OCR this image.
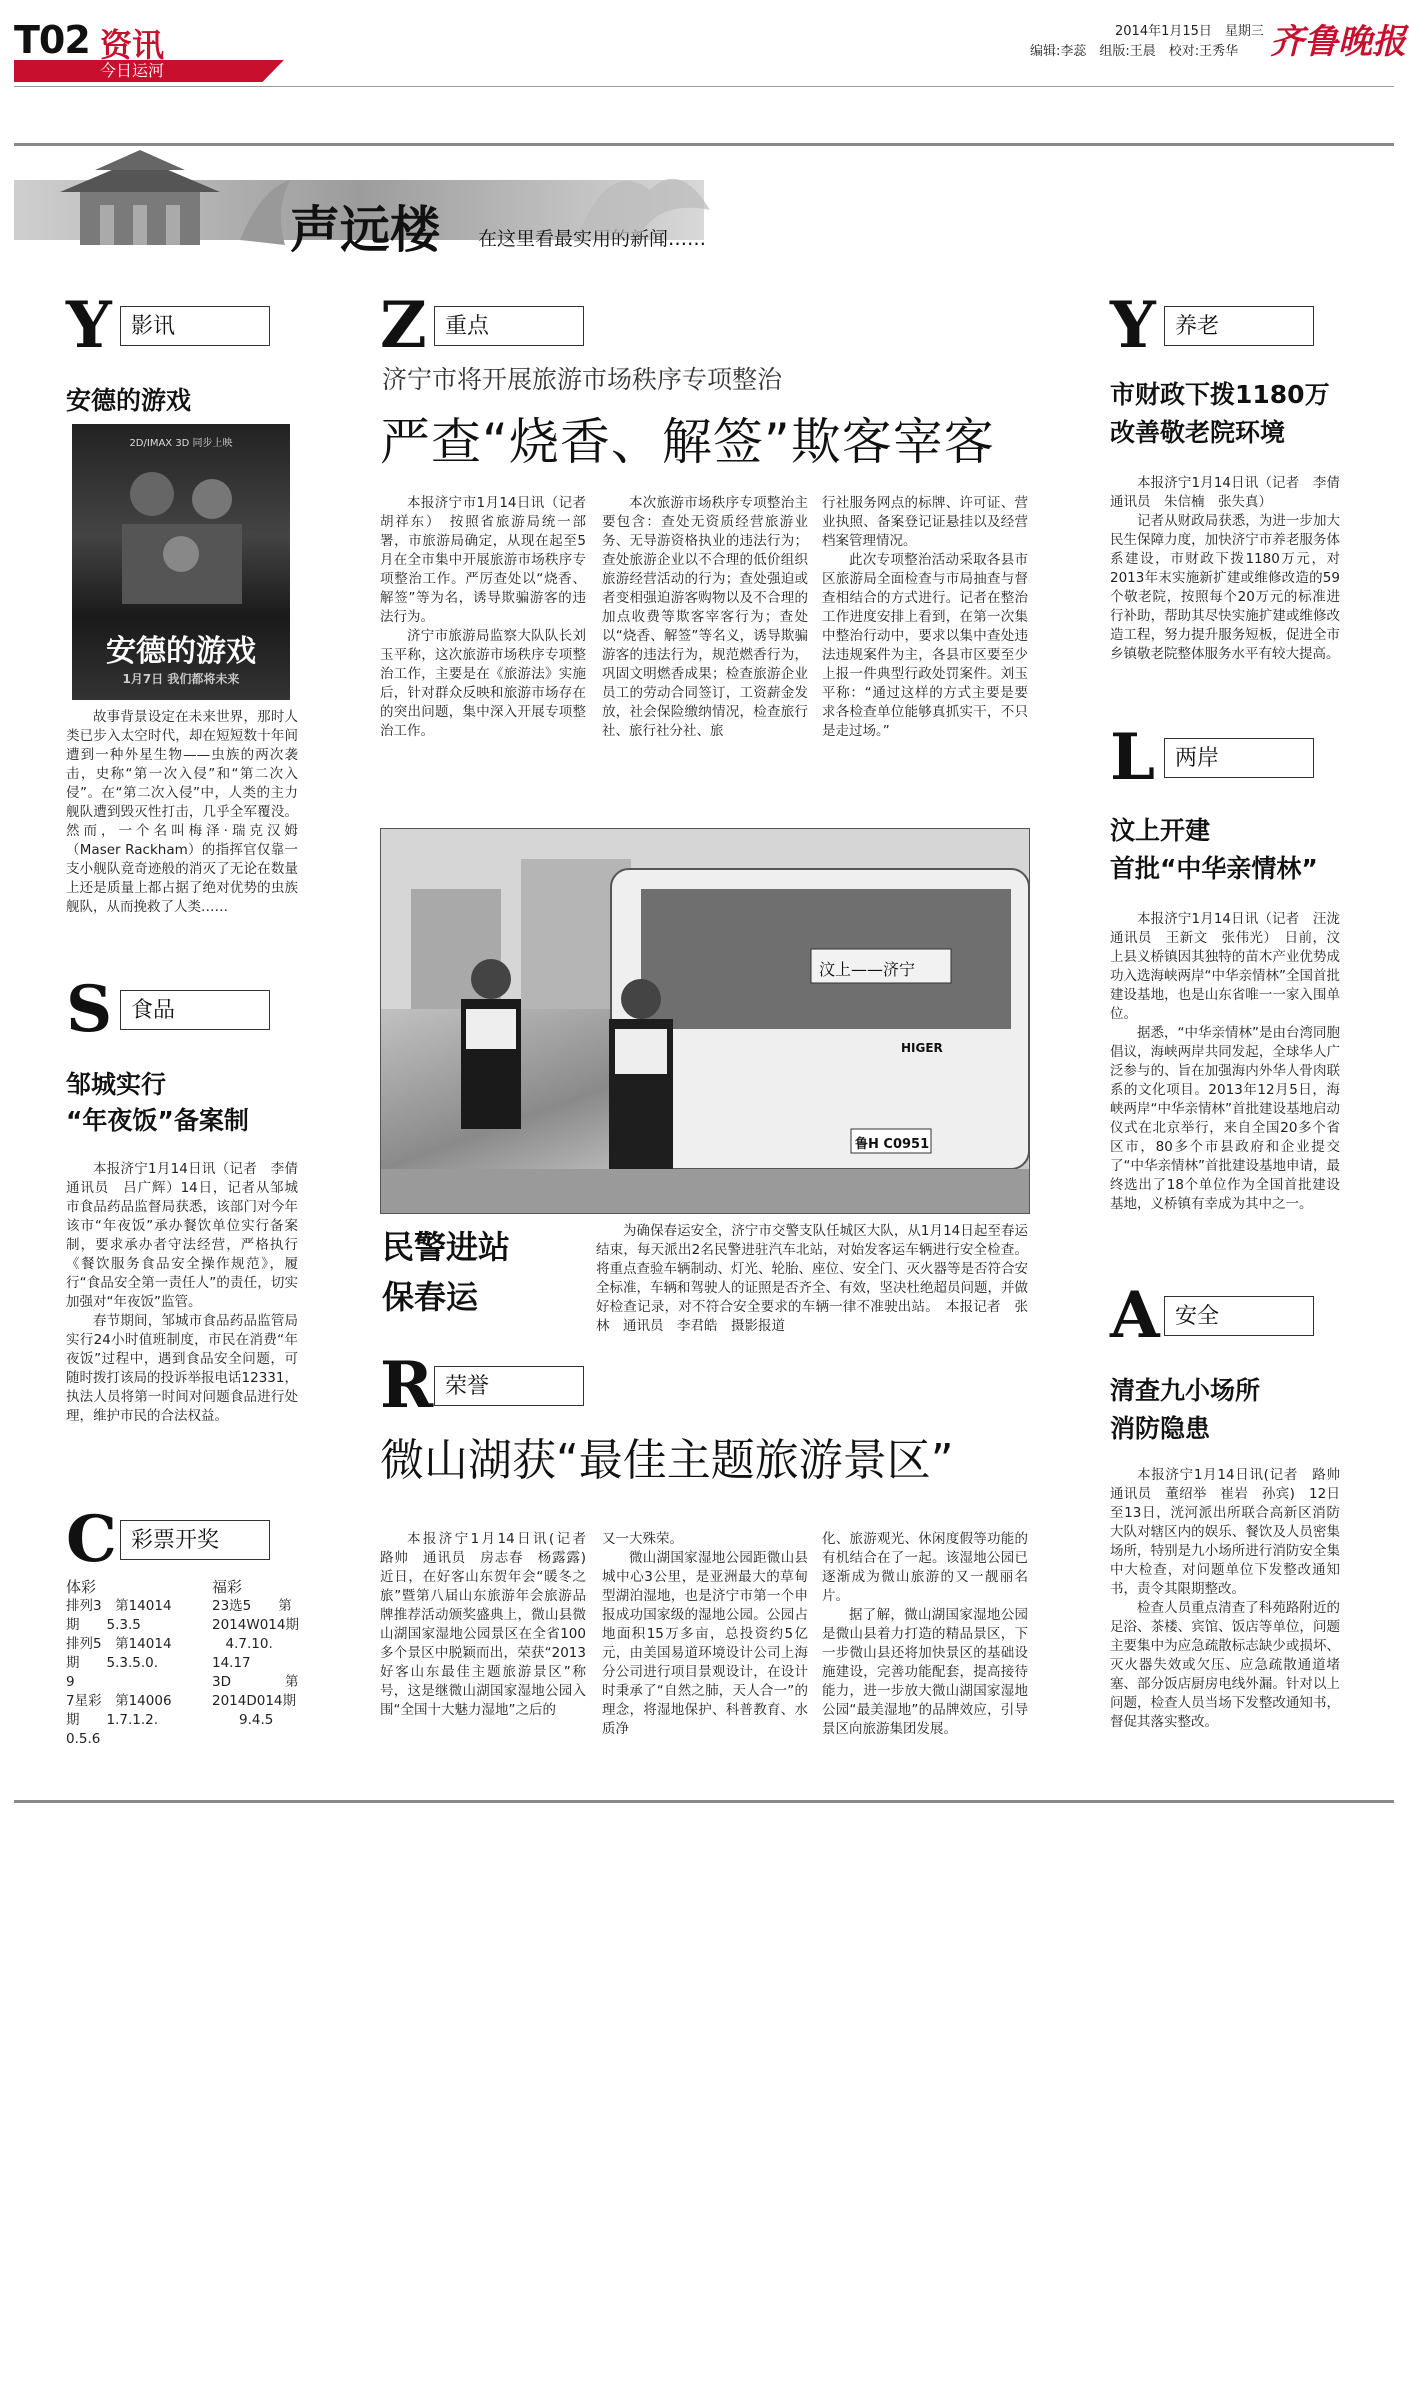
T02 资讯
今日运河
2014年1月15日　星期三
编辑:李蕊　组版:王晨　校对:王秀华 齐鲁晚报
声远楼 在这里看最实用的新闻……
Y 影讯
安德的游戏
2D/IMAX 3D 同步上映
安德的游戏
1月7日 我们都将未来

故事背景设定在未来世界，那时人类已步入太空时代，却在短短数十年间遭到一种外星生物——虫族的两次袭击，史称“第一次入侵”和“第二次入侵”。在“第二次入侵”中，人类的主力舰队遭到毁灭性打击，几乎全军覆没。然而，一个名叫梅泽·瑞克汉姆（Maser Rackham）的指挥官仅靠一支小舰队竟奇迹般的消灭了无论在数量上还是质量上都占据了绝对优势的虫族舰队，从而挽救了人类……

S 食品
邹城实行
“年夜饭”备案制

本报济宁1月14日讯（记者　李倩　通讯员　吕广辉）14日，记者从邹城市食品药品监督局获悉，该部门对今年该市“年夜饭”承办餐饮单位实行备案制，要求承办者守法经营，严格执行《餐饮服务食品安全操作规范》，履行“食品安全第一责任人”的责任，切实加强对“年夜饭”监管。

春节期间，邹城市食品药品监管局实行24小时值班制度，市民在消费“年夜饭”过程中，遇到食品安全问题，可随时拨打该局的投诉举报电话12331，执法人员将第一时间对问题食品进行处理，维护市民的合法权益。

C 彩票开奖
体彩
排列3　第14014
期　　5.3.5
排列5　第14014
期　　5.3.5.0.
9
7星彩　第14006
期　　1.7.1.2.
0.5.6
福彩
23选5　　第
2014W014期
　4.7.10.
14.17
3D　　　　第
2014D014期
　　9.4.5
Z 重点
济宁市将开展旅游市场秩序专项整治
严查“烧香、解签”欺客宰客

本报济宁市1月14日讯（记者　胡祥东）　按照省旅游局统一部署，市旅游局确定，从现在起至5月在全市集中开展旅游市场秩序专项整治工作。严厉查处以“烧香、解签”等为名，诱导欺骗游客的违法行为。

济宁市旅游局监察大队队长刘玉平称，这次旅游市场秩序专项整治工作，主要是在《旅游法》实施后，针对群众反映和旅游市场存在的突出问题，集中深入开展专项整治工作。

本次旅游市场秩序专项整治主要包含：查处无资质经营旅游业务、无导游资格执业的违法行为；查处旅游企业以不合理的低价组织旅游经营活动的行为；查处强迫或者变相强迫游客购物以及不合理的加点收费等欺客宰客行为；查处以“烧香、解签”等名义，诱导欺骗游客的违法行为，规范燃香行为，巩固文明燃香成果；检查旅游企业员工的劳动合同签订，工资薪金发放，社会保险缴纳情况，检查旅行社、旅行社分社、旅

行社服务网点的标牌、许可证、营业执照、备案登记证悬挂以及经营档案管理情况。

此次专项整治活动采取各县市区旅游局全面检查与市局抽查与督查相结合的方式进行。记者在整治工作进度安排上看到，在第一次集中整治行动中，要求以集中查处违法违规案件为主，各县市区要至少上报一件典型行政处罚案件。刘玉平称：“通过这样的方式主要是要求各检查单位能够真抓实干，不只是走过场。”

汶上——济宁
HIGER
鲁H C0951
民警进站
保春运

为确保春运安全，济宁市交警支队任城区大队，从1月14日起至春运结束，每天派出2名民警进驻汽车北站，对始发客运车辆进行安全检查。将重点查验车辆制动、灯光、轮胎、座位、安全门、灭火器等是否符合安全标准，车辆和驾驶人的证照是否齐全、有效，坚决杜绝超员问题，并做好检查记录，对不符合安全要求的车辆一律不准驶出站。　本报记者　张林　通讯员　李君皓　摄影报道

R 荣誉
微山湖获“最佳主题旅游景区”

本报济宁1月14日讯(记者　路帅　通讯员　房志春　杨露露)　近日，在好客山东贺年会“暖冬之旅”暨第八届山东旅游年会旅游品牌推荐活动颁奖盛典上，微山县微山湖国家湿地公园景区在全省100多个景区中脱颖而出，荣获“2013好客山东最佳主题旅游景区”称号，这是继微山湖国家湿地公园入围“全国十大魅力湿地”之后的

又一大殊荣。

微山湖国家湿地公园距微山县城中心3公里，是亚洲最大的草甸型湖泊湿地，也是济宁市第一个申报成功国家级的湿地公园。公园占地面积15万多亩，总投资约5亿元，由美国易道环境设计公司上海分公司进行项目景观设计，在设计时秉承了“自然之肺，天人合一”的理念，将湿地保护、科普教育、水质净

化、旅游观光、休闲度假等功能的有机结合在了一起。该湿地公园已逐渐成为微山旅游的又一靓丽名片。

据了解，微山湖国家湿地公园是微山县着力打造的精品景区，下一步微山县还将加快景区的基础设施建设，完善功能配套，提高接待能力，进一步放大微山湖国家湿地公园“最美湿地”的品牌效应，引导景区向旅游集团发展。

Y 养老
市财政下拨1180万
改善敬老院环境

本报济宁1月14日讯（记者　李倩　通讯员　朱信楠　张失真）

记者从财政局获悉，为进一步加大民生保障力度，加快济宁市养老服务体系建设，市财政下拨1180万元，对2013年末实施新扩建或维修改造的59个敬老院，按照每个20万元的标准进行补助，帮助其尽快实施扩建或维修改造工程，努力提升服务短板，促进全市乡镇敬老院整体服务水平有较大提高。

L 两岸
汶上开建
首批“中华亲情林”

本报济宁1月14日讯（记者　汪泷　通讯员　王新文　张伟光）　日前，汶上县义桥镇因其独特的苗木产业优势成功入选海峡两岸“中华亲情林”全国首批建设基地，也是山东省唯一一家入围单位。

据悉，“中华亲情林”是由台湾同胞倡议，海峡两岸共同发起，全球华人广泛参与的、旨在加强海内外华人骨肉联系的文化项目。2013年12月5日，海峡两岸“中华亲情林”首批建设基地启动仪式在北京举行，来自全国20多个省区市，80多个市县政府和企业提交了“中华亲情林”首批建设基地申请，最终选出了18个单位作为全国首批建设基地，义桥镇有幸成为其中之一。

A 安全
清查九小场所
消防隐患

本报济宁1月14日讯(记者　路帅　通讯员　董绍举　崔岩　孙宾)　12日至13日，洸河派出所联合高新区消防大队对辖区内的娱乐、餐饮及人员密集场所，特别是九小场所进行消防安全集中大检查，对问题单位下发整改通知书，责令其限期整改。

检查人员重点清查了科苑路附近的足浴、茶楼、宾馆、饭店等单位，问题主要集中为应急疏散标志缺少或损坏、灭火器失效或欠压、应急疏散通道堵塞、部分饭店厨房电线外漏。针对以上问题，检查人员当场下发整改通知书，督促其落实整改。
